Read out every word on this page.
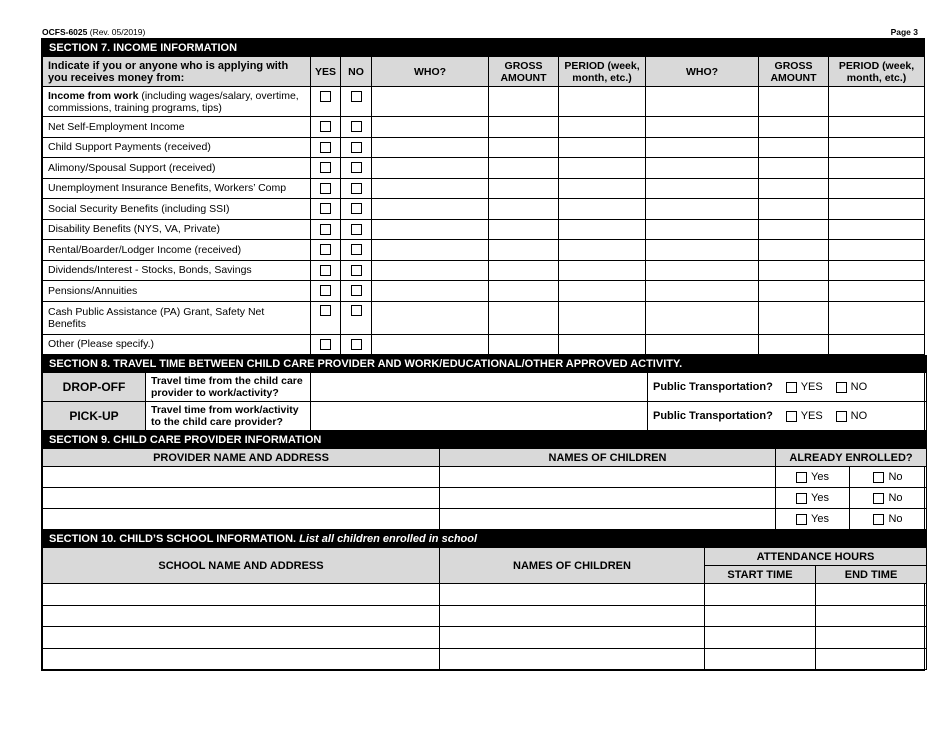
OCFS-6025 (Rev. 05/2019)	Page 3
SECTION 7. INCOME INFORMATION								
Indicate if you or anyone who is applying with you receives money from:	YES	NO	WHO?	GROSS AMOUNT	PERIOD (week, month, etc.)	WHO?	GROSS AMOUNT	PERIOD (week, month, etc.)
Income from work (including wages/salary, overtime, commissions, training programs, tips)								
Net Self-Employment Income								
Child Support Payments (received)								
Alimony/Spousal Support (received)								
Unemployment Insurance Benefits, Workers’ Comp								
Social Security Benefits (including SSI)								
Disability Benefits (NYS, VA, Private)								
Rental/Boarder/Lodger Income (received)								
Dividends/Interest - Stocks, Bonds, Savings								
Pensions/Annuities								
Cash Public Assistance (PA) Grant, Safety Net Benefits								
Other (Please specify.)								
SECTION 8. TRAVEL TIME BETWEEN CHILD CARE PROVIDER AND WORK/EDUCATIONAL/OTHER APPROVED ACTIVITY.			
DROP-OFF	Travel time from the child care provider to work/activity?		Public Transportation? YES NO
PICK-UP	Travel time from work/activity to the child care provider?		Public Transportation? YES NO
SECTION 9. CHILD CARE PROVIDER INFORMATION			
PROVIDER NAME AND ADDRESS	NAMES OF CHILDREN	ALREADY ENROLLED?	
		Yes	No
		Yes	No
		Yes	No
SECTION 10. CHILD’S SCHOOL INFORMATION. List all children enrolled in school			
SCHOOL NAME AND ADDRESS	NAMES OF CHILDREN	ATTENDANCE HOURS	
		START TIME	END TIME
